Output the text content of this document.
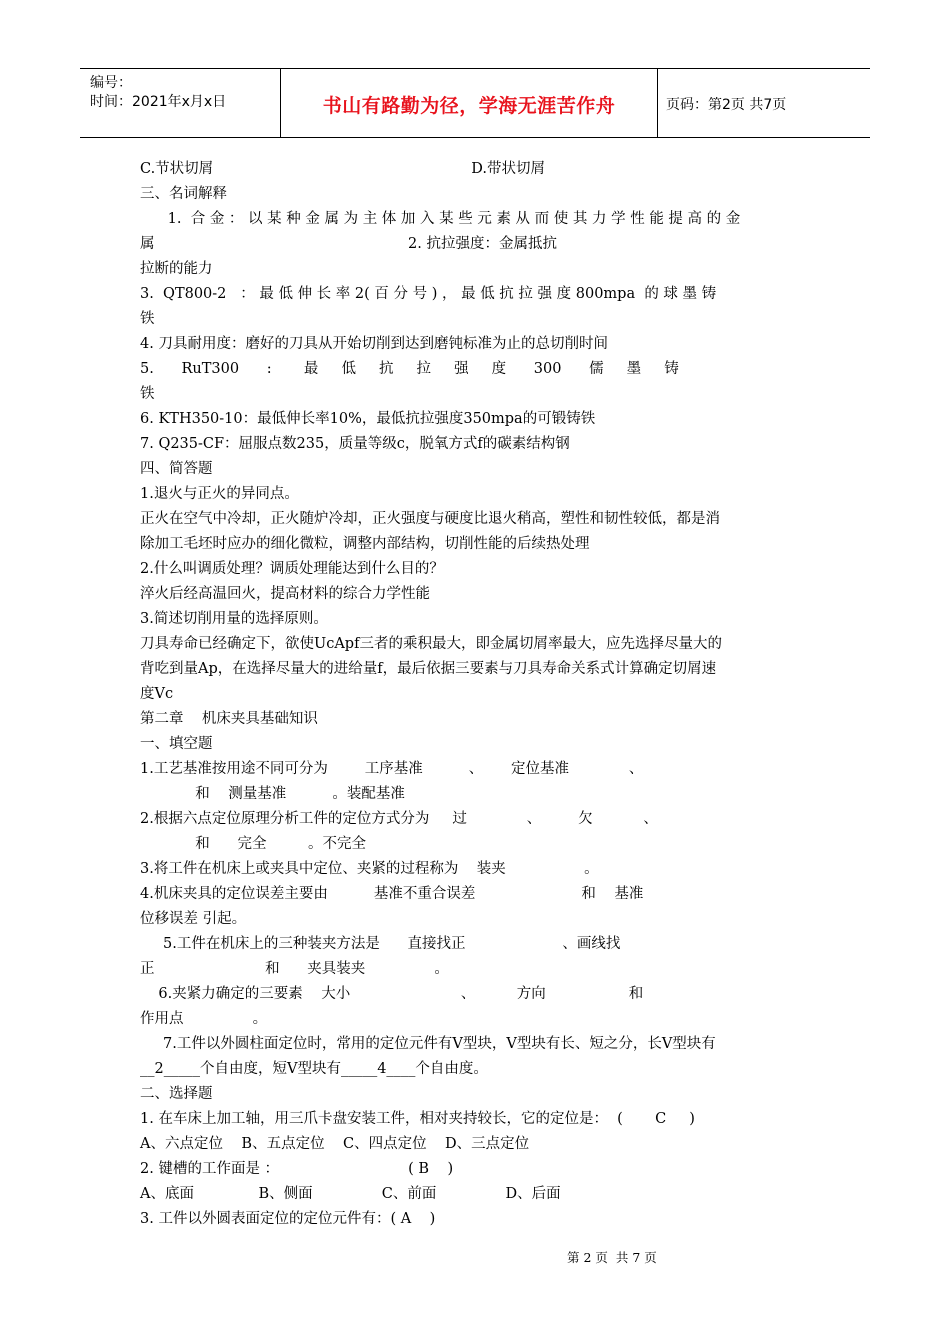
编号：
时间：2021年x月x日	书山有路勤为径，学海无涯苦作舟	页码：第2页 共7页
C.节状切屑                                                        D.带状切屑
三、名词解释
1.  合 金 ： 以 某 种 金 属 为 主 体 加 入 某 些 元 素 从 而 使 其 力 学 性 能 提 高 的 金
属                                                       2. 抗拉强度：金属抵抗
拉断的能力
3.  QT800-2   ： 最 低 伸 长 率 2( 百 分 号 ) ， 最 低 抗 拉 强 度 800mpa  的 球 墨 铸
铁
4. 刀具耐用度：磨好的刀具从开始切削到达到磨钝标准为止的总切削时间
5.      RuT300      :       最     低     抗     拉     强     度      300      儒     墨     铸
铁
6. KTH350-10：最低伸长率10%，最低抗拉强度350mpa的可锻铸铁
7. Q235-CF：屈服点数235，质量等级c，脱氧方式f的碳素结构钢
四、简答题
1.退火与正火的异同点。
正火在空气中冷却，正火随炉冷却，正火强度与硬度比退火稍高，塑性和韧性较低，都是消
除加工毛坯时应办的细化微粒，调整内部结构，切削性能的后续热处理
2.什么叫调质处理？调质处理能达到什么目的？
淬火后经高温回火，提高材料的综合力学性能
3.简述切削用量的选择原则。
刀具寿命已经确定下，欲使UcApf三者的乘积最大，即金属切屑率最大，应先选择尽量大的
背吃到量Ap，在选择尽量大的进给量f，最后依据三要素与刀具寿命关系式计算确定切屑速
度Vc
第二章    机床夹具基础知识
一、填空题
1.工艺基准按用途不同可分为        工序基准          、      定位基准             、
和    测量基准          。装配基准
2.根据六点定位原理分析工件的定位方式分为     过             、        欠           、
和      完全         。不完全
3.将工件在机床上或夹具中定位、夹紧的过程称为    装夹                 。
4.机床夹具的定位误差主要由          基准不重合误差                       和    基准
位移误差 引起。
5.工件在机床上的三种装夹方法是      直接找正                     、画线找
正                        和      夹具装夹               。
6.夹紧力确定的三要素    大小                        、         方向                  和
作用点               。
7.工件以外圆柱面定位时，常用的定位元件有V型块，V型块有长、短之分，长V型块有
__2_____个自由度，短V型块有_____4____个自由度。
二、选择题
1. 在车床上加工轴，用三爪卡盘安装工件，相对夹持较长，它的定位是：  (       C     )
A、六点定位    B、五点定位    C、四点定位    D、三点定位
2. 键槽的工作面是 ：                            ( B    )
A、底面              B、侧面               C、前面               D、后面
3. 工件以外圆表面定位的定位元件有：( A    )
第 2 页  共 7 页
